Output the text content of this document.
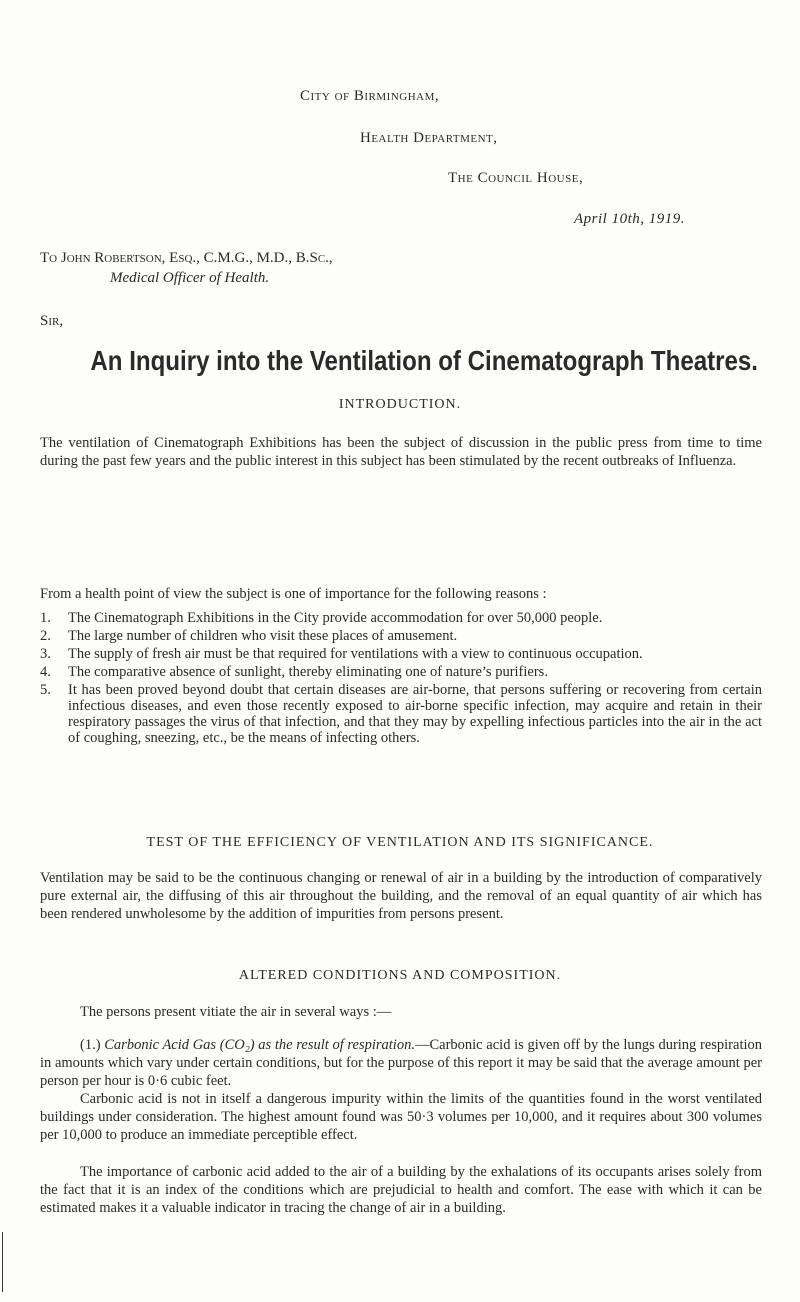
City of Birmingham,
Health Department,
The Council House,
April 10th, 1919.
To John Robertson, Esq., C.M.G., M.D., B.Sc.,
Medical Officer of Health.
Sir,
An Inquiry into the Ventilation of Cinematograph Theatres.
INTRODUCTION.

The ventilation of Cinematograph Exhibitions has been the subject of discussion in the public press from time to time during the past few years and the public interest in this subject has been stimulated by the recent outbreaks of Influenza.

From a health point of view the subject is one of importance for the following reasons :

1. The Cinematograph Exhibitions in the City provide accommodation for over 50,000 people.
2. The large number of children who visit these places of amusement.
3. The supply of fresh air must be that required for ventilations with a view to continuous occupation.
4. The comparative absence of sunlight, thereby eliminating one of nature’s purifiers.
5. It has been proved beyond doubt that certain diseases are air-borne, that persons suffering or recovering from certain infectious diseases, and even those recently exposed to air-borne specific infection, may acquire and retain in their respiratory passages the virus of that infection, and that they may by expelling infectious particles into the air in the act of coughing, sneezing, etc., be the means of infecting others.
TEST OF THE EFFICIENCY OF VENTILATION AND ITS SIGNIFICANCE.

Ventilation may be said to be the continuous changing or renewal of air in a building by the introduction of comparatively pure external air, the diffusing of this air throughout the building, and the removal of an equal quantity of air which has been rendered unwholesome by the addition of impurities from persons present.

ALTERED CONDITIONS AND COMPOSITION.

The persons present vitiate the air in several ways :—

(1.) Carbonic Acid Gas (CO₂) as the result of respiration.—Carbonic acid is given off by the lungs during respiration in amounts which vary under certain conditions, but for the purpose of this report it may be said that the average amount per person per hour is 0·6 cubic feet.

Carbonic acid is not in itself a dangerous impurity within the limits of the quantities found in the worst ventilated buildings under consideration. The highest amount found was 50·3 volumes per 10,000, and it requires about 300 volumes per 10,000 to produce an immediate perceptible effect.

The importance of carbonic acid added to the air of a building by the exhalations of its occupants arises solely from the fact that it is an index of the conditions which are prejudicial to health and comfort. The ease with which it can be estimated makes it a valuable indicator in tracing the change of air in a building.
